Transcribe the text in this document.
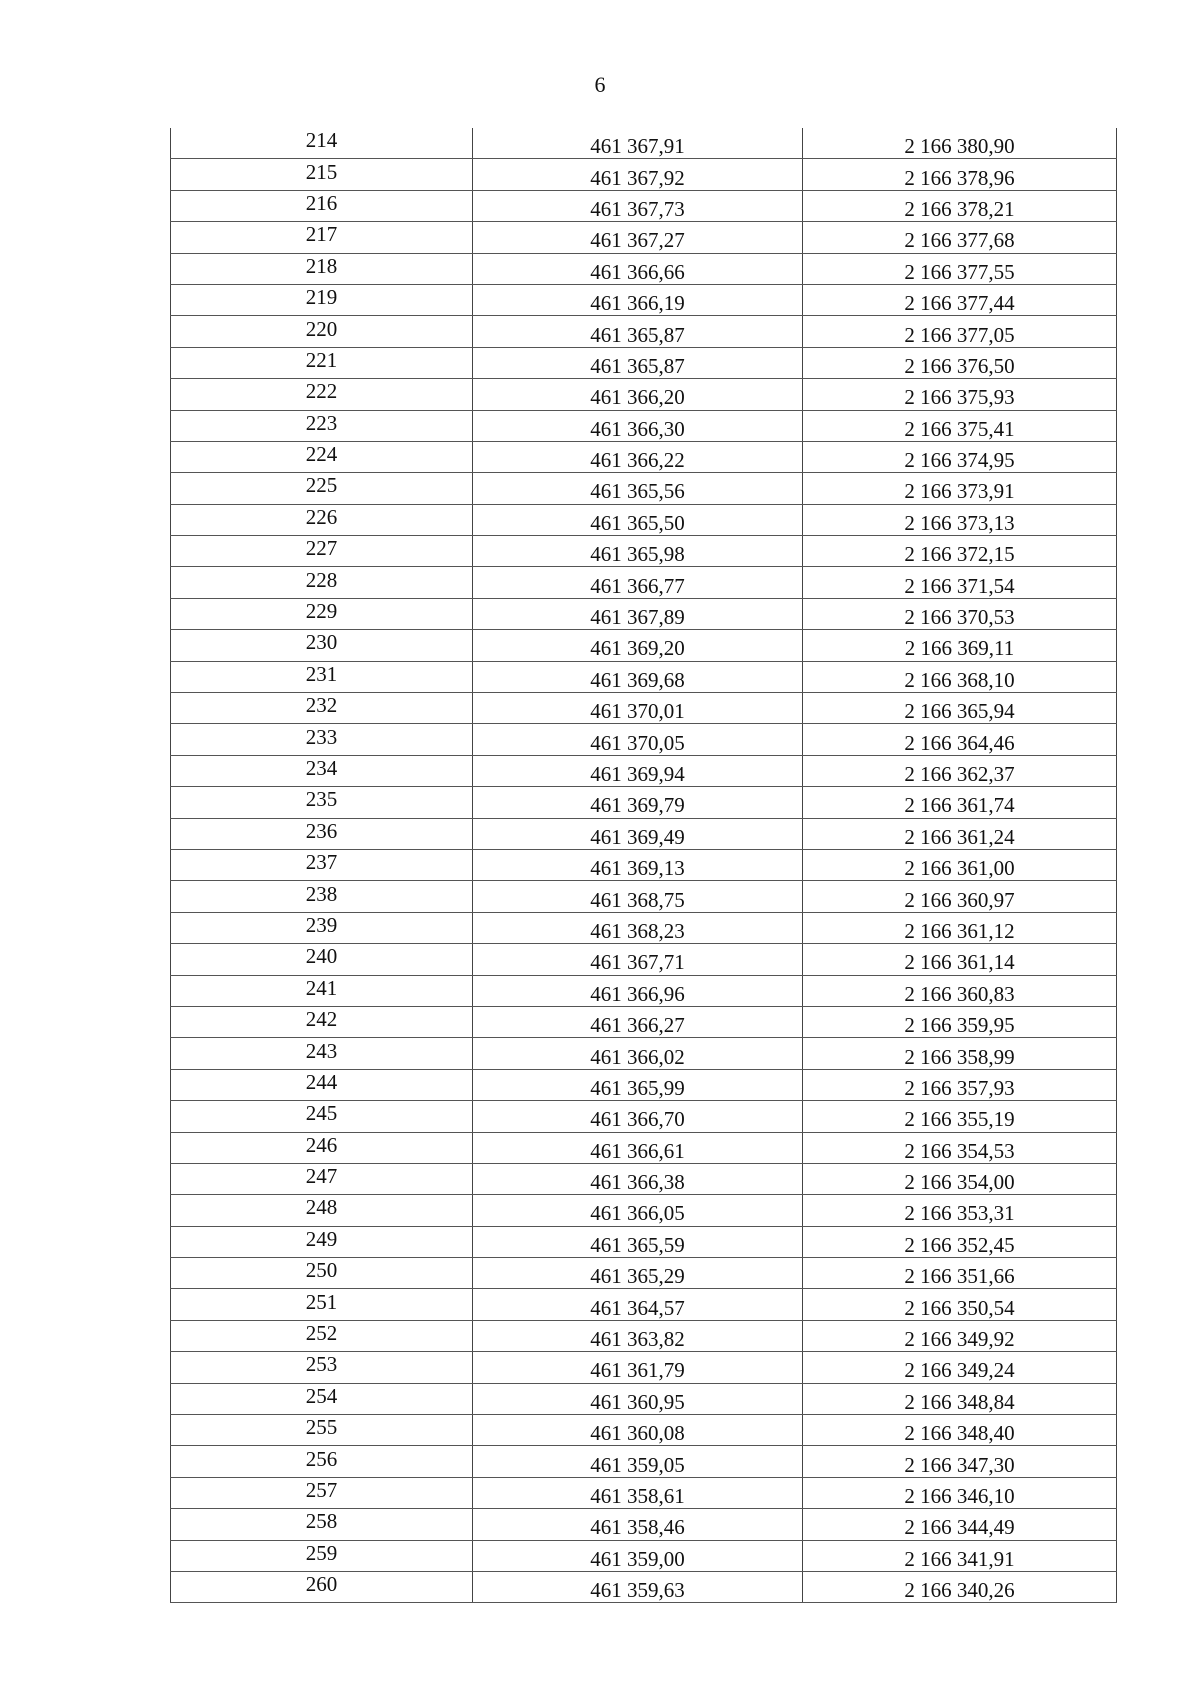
6
214	461 367,91	2 166 380,90
215	461 367,92	2 166 378,96
216	461 367,73	2 166 378,21
217	461 367,27	2 166 377,68
218	461 366,66	2 166 377,55
219	461 366,19	2 166 377,44
220	461 365,87	2 166 377,05
221	461 365,87	2 166 376,50
222	461 366,20	2 166 375,93
223	461 366,30	2 166 375,41
224	461 366,22	2 166 374,95
225	461 365,56	2 166 373,91
226	461 365,50	2 166 373,13
227	461 365,98	2 166 372,15
228	461 366,77	2 166 371,54
229	461 367,89	2 166 370,53
230	461 369,20	2 166 369,11
231	461 369,68	2 166 368,10
232	461 370,01	2 166 365,94
233	461 370,05	2 166 364,46
234	461 369,94	2 166 362,37
235	461 369,79	2 166 361,74
236	461 369,49	2 166 361,24
237	461 369,13	2 166 361,00
238	461 368,75	2 166 360,97
239	461 368,23	2 166 361,12
240	461 367,71	2 166 361,14
241	461 366,96	2 166 360,83
242	461 366,27	2 166 359,95
243	461 366,02	2 166 358,99
244	461 365,99	2 166 357,93
245	461 366,70	2 166 355,19
246	461 366,61	2 166 354,53
247	461 366,38	2 166 354,00
248	461 366,05	2 166 353,31
249	461 365,59	2 166 352,45
250	461 365,29	2 166 351,66
251	461 364,57	2 166 350,54
252	461 363,82	2 166 349,92
253	461 361,79	2 166 349,24
254	461 360,95	2 166 348,84
255	461 360,08	2 166 348,40
256	461 359,05	2 166 347,30
257	461 358,61	2 166 346,10
258	461 358,46	2 166 344,49
259	461 359,00	2 166 341,91
260	461 359,63	2 166 340,26
